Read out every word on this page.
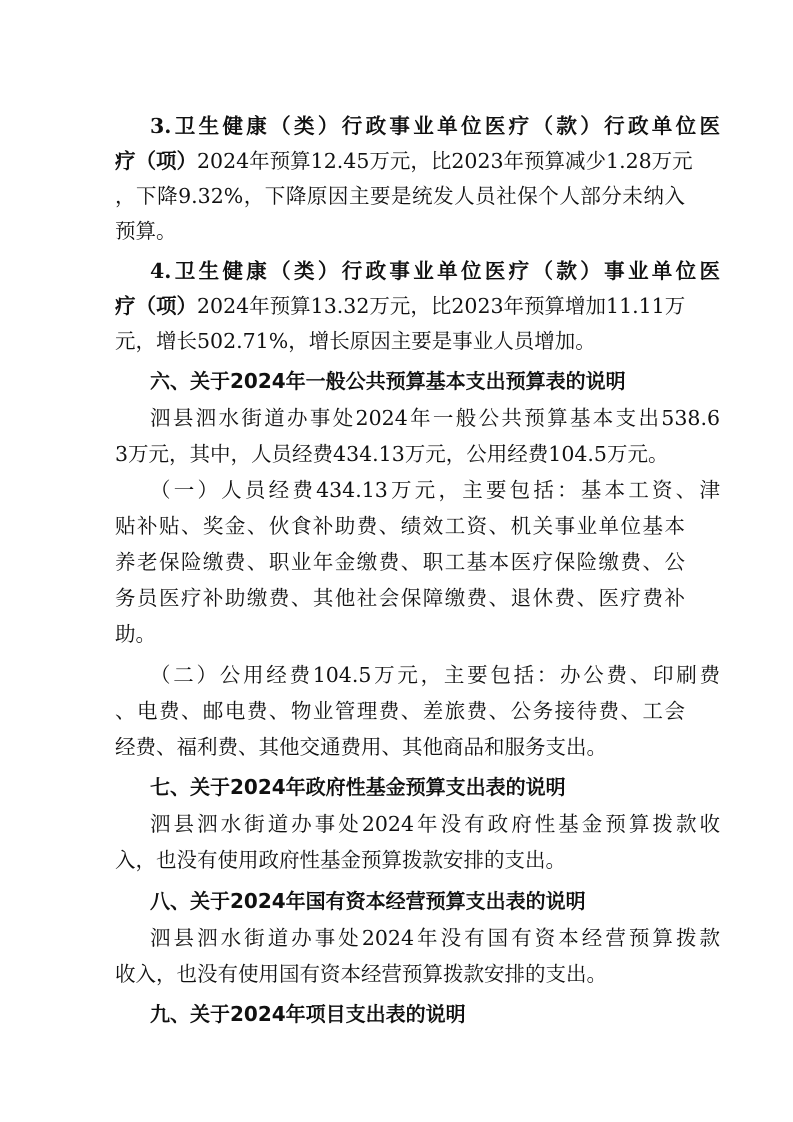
3.卫生健康（类）行政事业单位医疗（款）行政单位医
疗（项）2024年预算12.45万元，比2023年预算减少1.28万元
，下降9.32%，下降原因主要是统发人员社保个人部分未纳入
预算。
4.卫生健康（类）行政事业单位医疗（款）事业单位医
疗（项）2024年预算13.32万元，比2023年预算增加11.11万
元，增长502.71%，增长原因主要是事业人员增加。
六、关于2024年一般公共预算基本支出预算表的说明
泗县泗水街道办事处2024年一般公共预算基本支出538.6
3万元，其中，人员经费434.13万元，公用经费104.5万元。
（一）人员经费434.13万元，主要包括：基本工资、津
贴补贴、奖金、伙食补助费、绩效工资、机关事业单位基本
养老保险缴费、职业年金缴费、职工基本医疗保险缴费、公
务员医疗补助缴费、其他社会保障缴费、退休费、医疗费补
助。
（二）公用经费104.5万元，主要包括：办公费、印刷费
、电费、邮电费、物业管理费、差旅费、公务接待费、工会
经费、福利费、其他交通费用、其他商品和服务支出。
七、关于2024年政府性基金预算支出表的说明
泗县泗水街道办事处2024年没有政府性基金预算拨款收
入，也没有使用政府性基金预算拨款安排的支出。
八、关于2024年国有资本经营预算支出表的说明
泗县泗水街道办事处2024年没有国有资本经营预算拨款
收入，也没有使用国有资本经营预算拨款安排的支出。
九、关于2024年项目支出表的说明
